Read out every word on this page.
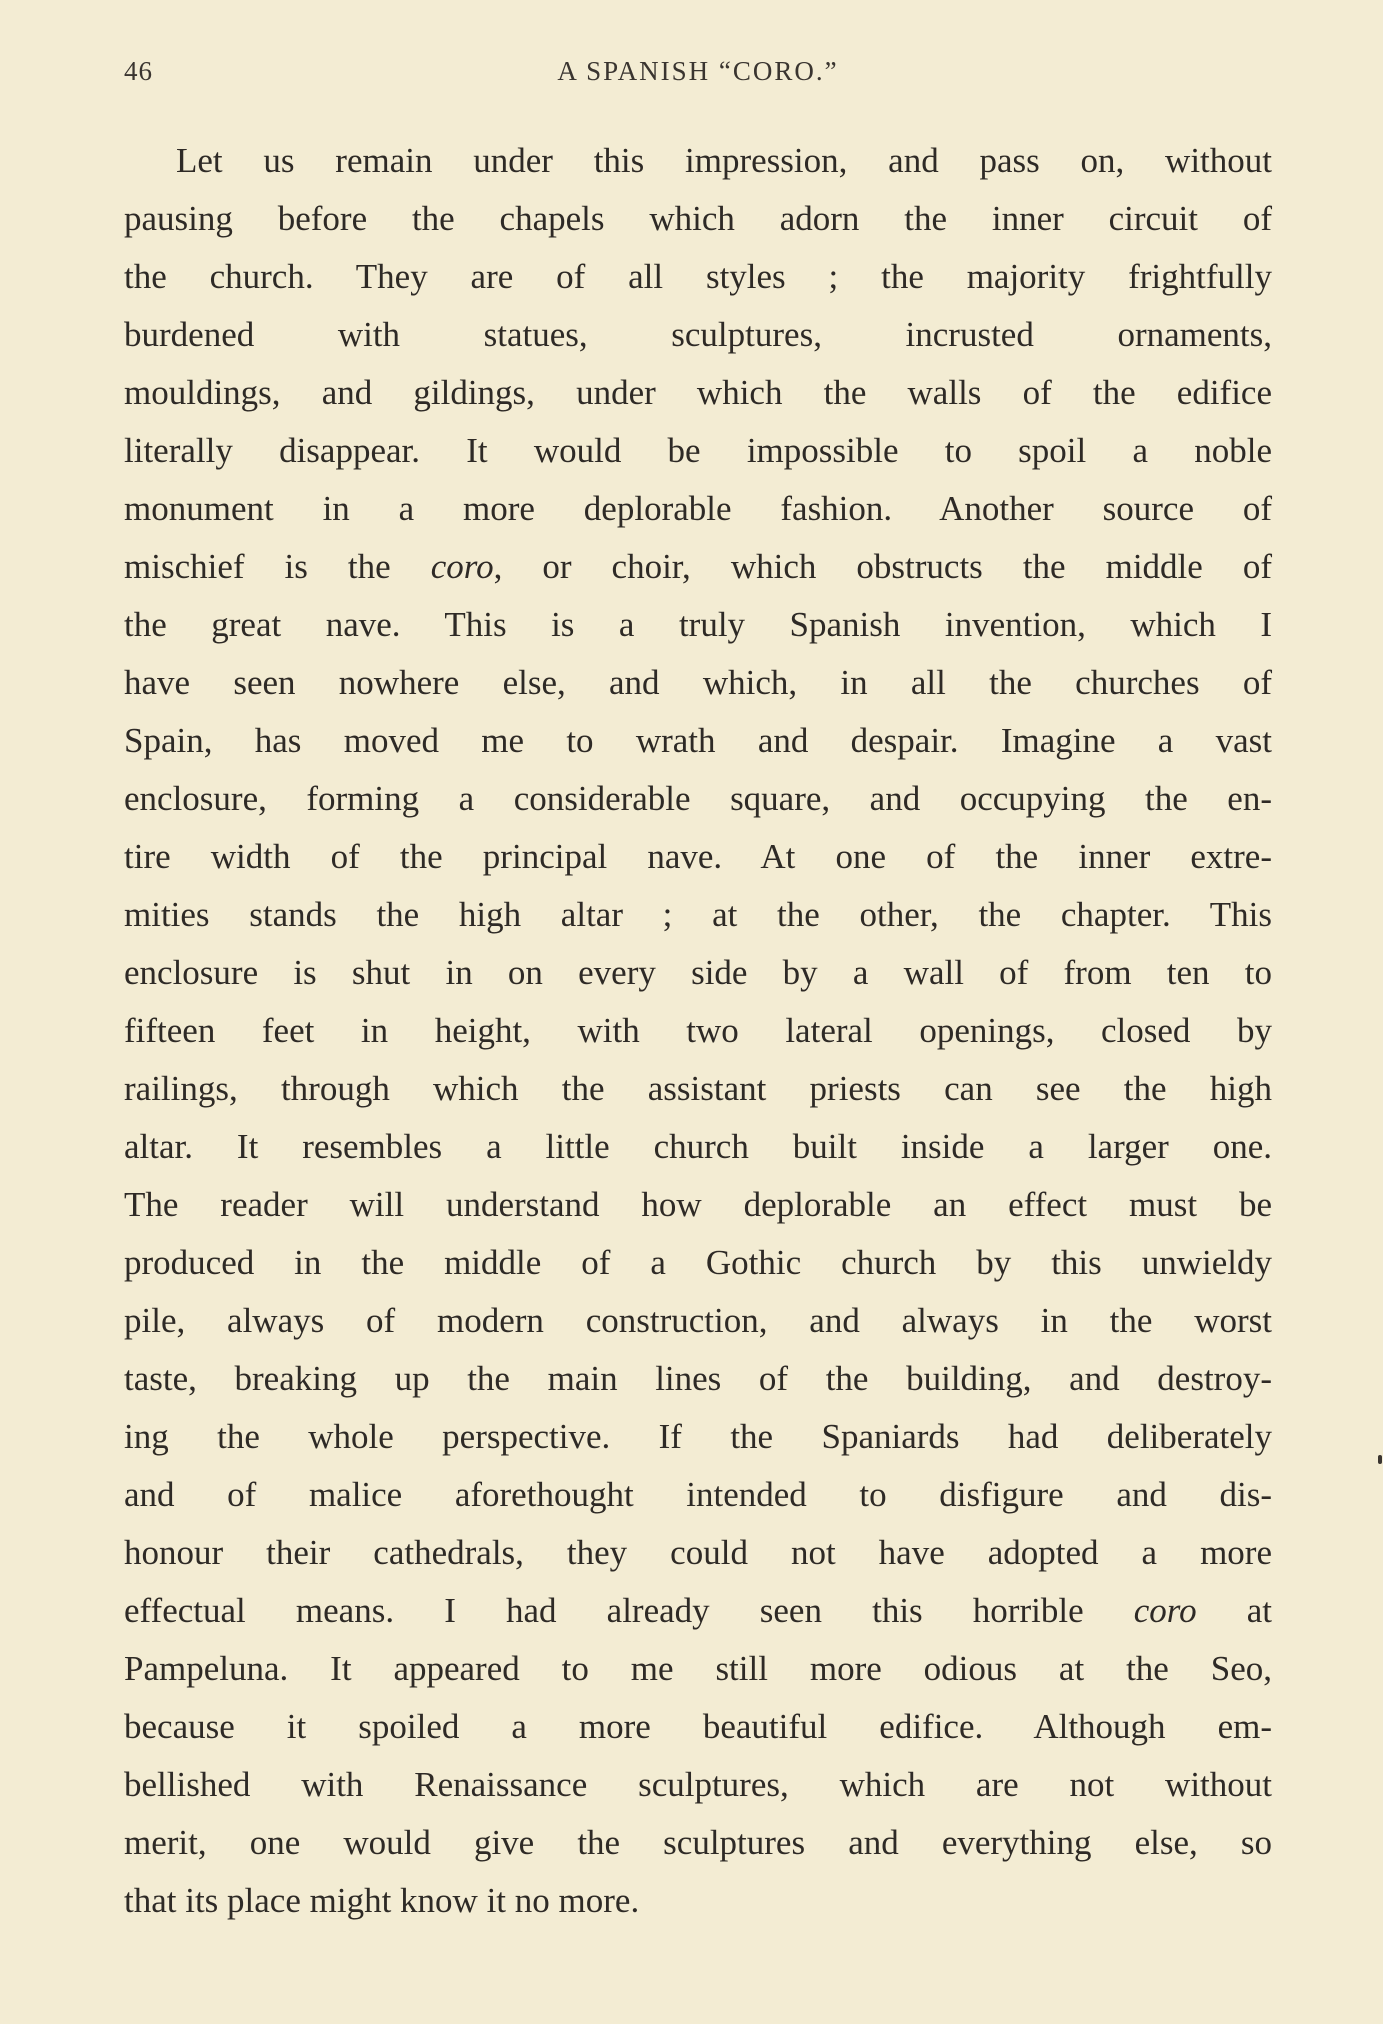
46	A SPANISH “CORO.”
Let us remain under this impression, and pass on, without
pausing before the chapels which adorn the inner circuit of
the church. They are of all styles ; the majority frightfully
burdened with statues, sculptures, incrusted ornaments,
mouldings, and gildings, under which the walls of the edifice
literally disappear. It would be impossible to spoil a noble
monument in a more deplorable fashion. Another source of
mischief is the coro, or choir, which obstructs the middle of
the great nave. This is a truly Spanish invention, which I
have seen nowhere else, and which, in all the churches of
Spain, has moved me to wrath and despair. Imagine a vast
enclosure, forming a considerable square, and occupying the en-
tire width of the principal nave. At one of the inner extre-
mities stands the high altar ; at the other, the chapter. This
enclosure is shut in on every side by a wall of from ten to
fifteen feet in height, with two lateral openings, closed by
railings, through which the assistant priests can see the high
altar. It resembles a little church built inside a larger one.
The reader will understand how deplorable an effect must be
produced in the middle of a Gothic church by this unwieldy
pile, always of modern construction, and always in the worst
taste, breaking up the main lines of the building, and destroy-
ing the whole perspective. If the Spaniards had deliberately
and of malice aforethought intended to disfigure and dis-
honour their cathedrals, they could not have adopted a more
effectual means. I had already seen this horrible coro at
Pampeluna. It appeared to me still more odious at the Seo,
because it spoiled a more beautiful edifice. Although em-
bellished with Renaissance sculptures, which are not without
merit, one would give the sculptures and everything else, so
that its place might know it no more.
